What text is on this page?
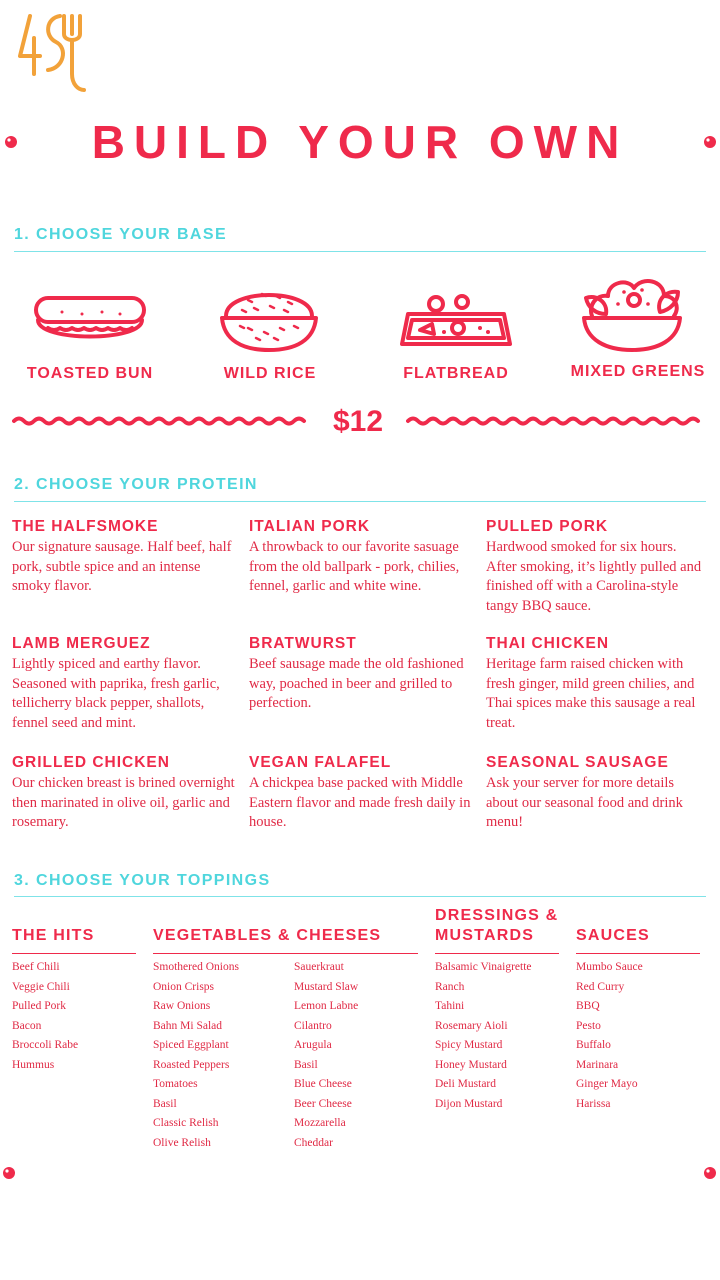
BUILD YOUR OWN
1. CHOOSE YOUR BASE
TOASTED BUN	WILD RICE	FLATBREAD	MIXED GREENS
$12
2. CHOOSE YOUR PROTEIN
THE HALFSMOKE
Our signature sausage. Half beef, half pork, subtle spice and an intense smoky flavor.
ITALIAN PORK
A throwback to our favorite sasuage from the old ballpark - pork, chilies, fennel, garlic and white wine.
PULLED PORK
Hardwood smoked for six hours. After smoking, it’s lightly pulled and finished off with a Carolina-style tangy BBQ sauce.
LAMB MERGUEZ
Lightly spiced and earthy flavor. Seasoned with paprika, fresh garlic, tellicherry black pepper, shallots, fennel seed and mint.
BRATWURST
Beef sausage made the old fashioned way, poached in beer and grilled to perfection.
THAI CHICKEN
Heritage farm raised chicken with fresh ginger, mild green chilies, and Thai spices make this sausage a real treat.
GRILLED CHICKEN
Our chicken breast is brined overnight then marinated in olive oil, garlic and rosemary.
VEGAN FALAFEL
A chickpea base packed with Middle Eastern flavor and made fresh daily in house.
SEASONAL SAUSAGE
Ask your server for more details about our seasonal food and drink menu!
3. CHOOSE YOUR TOPPINGS
THE HITS
Beef Chili
Veggie Chili
Pulled Pork
Bacon
Broccoli Rabe
Hummus
VEGETABLES & CHEESES
Smothered Onions
Onion Crisps
Raw Onions
Bahn Mi Salad
Spiced Eggplant
Roasted Peppers
Tomatoes
Basil
Classic Relish
Olive Relish
Sauerkraut
Mustard Slaw
Lemon Labne
Cilantro
Arugula
Basil
Blue Cheese
Beer Cheese
Mozzarella
Cheddar
DRESSINGS &
MUSTARDS
Balsamic Vinaigrette
Ranch
Tahini
Rosemary Aioli
Spicy Mustard
Honey Mustard
Deli Mustard
Dijon Mustard
SAUCES
Mumbo Sauce
Red Curry
BBQ
Pesto
Buffalo
Marinara
Ginger Mayo
Harissa
